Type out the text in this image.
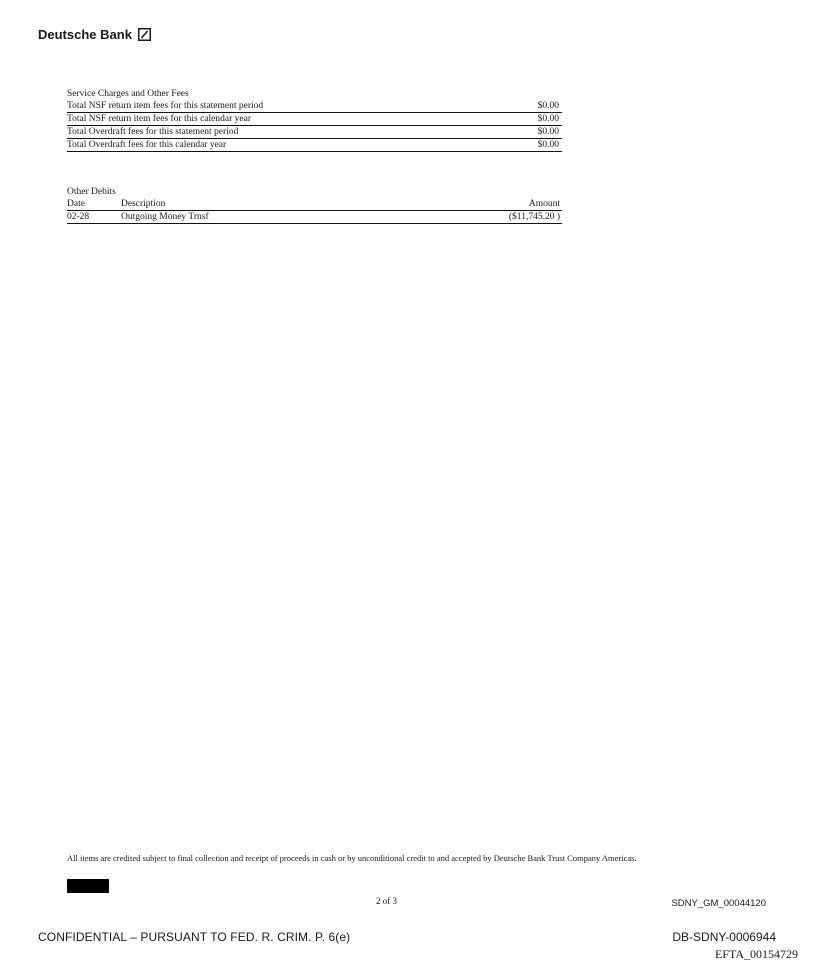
Deutsche Bank
Service Charges and Other Fees
Total NSF return item fees for this statement period	$0.00
Total NSF return item fees for this calendar year	$0.00
Total Overdraft fees for this statement period	$0.00
Total Overdraft fees for this calendar year	$0.00
Other Debits
Date	Description	Amount
02-28	Outgoing Money Trnsf	($11,745.20 )
All items are credited subject to final collection and receipt of proceeds in cash or by unconditional credit to and accepted by Deutsche Bank Trust Company Americas.
2 of 3	SDNY_GM_00044120
CONFIDENTIAL – PURSUANT TO FED. R. CRIM. P. 6(e)	DB-SDNY-0006944
EFTA_00154729
